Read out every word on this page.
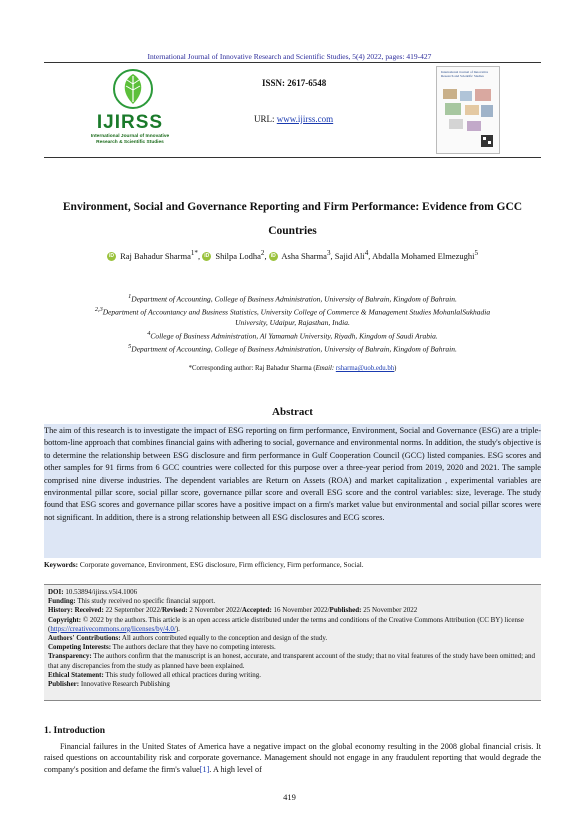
International Journal of Innovative Research and Scientific Studies, 5(4) 2022, pages: 419-427
IJIRSS
International Journal of Innovative
Research & Scientific Studies
ISSN: 2617-6548
URL: www.ijirss.com
International Journal of Innovative Research and Scientific Studies
Environment, Social and Governance Reporting and Firm Performance: Evidence from GCC
Countries
iD Raj Bahadur Sharma$^{1*}$, iD Shilpa Lodha$^2$, iD Asha Sharma$^3$, Sajid Ali$^4$, Abdalla Mohamed Elmezughi$^5$
$^1$Department of Accounting, College of Business Administration, University of Bahrain, Kingdom of Bahrain.
$^{2,3}$Department of Accountancy and Business Statistics, University College of Commerce & Management Studies MohanlalSukhadia
University, Udaipur, Rajasthan, India.
$^4$College of Business Administration, Al Yamamah University, Riyadh, Kingdom of Saudi Arabia.
$^5$Department of Accounting, College of Business Administration, University of Bahrain, Kingdom of Bahrain.
*Corresponding author: Raj Bahadur Sharma (Email: rsharma@uob.edu.bh)
Abstract
The aim of this research is to investigate the impact of ESG reporting on firm performance, Environment, Social and Governance (ESG) are a triple-bottom-line approach that combines financial gains with adhering to social, governance and environmental norms. In addition, the study's objective is to determine the relationship between ESG disclosure and firm performance in Gulf Cooperation Council (GCC) listed companies. ESG scores and other samples for 91 firms from 6 GCC countries were collected for this purpose over a three-year period from 2019, 2020 and 2021. The sample comprised nine diverse industries. The dependent variables are Return on Assets (ROA) and market capitalization , experimental variables are environmental pillar score, social pillar score, governance pillar score and overall ESG score and the control variables: size, leverage. The study found that ESG scores and governance pillar scores have a positive impact on a firm's market value but environmental and social pillar scores were not significant. In addition, there is a strong relationship between all ESG disclosures and ECG scores.
Keywords: Corporate governance, Environment, ESG disclosure, Firm efficiency, Firm performance, Social.

DOI: 10.53894/ijirss.v5i4.1006

Funding: This study received no specific financial support.

History: Received: 22 September 2022/Revised: 2 November 2022/Accepted: 16 November 2022/Published: 25 November 2022

Copyright: © 2022 by the authors. This article is an open access article distributed under the terms and conditions of the Creative Commons Attribution (CC BY) license (https://creativecommons.org/licenses/by/4.0/).

Authors' Contributions: All authors contributed equally to the conception and design of the study.

Competing Interests: The authors declare that they have no competing interests.

Transparency: The authors confirm that the manuscript is an honest, accurate, and transparent account of the study; that no vital features of the study have been omitted; and that any discrepancies from the study as planned have been explained.

Ethical Statement: This study followed all ethical practices during writing.

Publisher: Innovative Research Publishing

1. Introduction
Financial failures in the United States of America have a negative impact on the global economy resulting in the 2008 global financial crisis. It raised questions on accountability risk and corporate governance. Management should not engage in any fraudulent reporting that would degrade the company's position and defame the firm's value[1]. A high level of
419
